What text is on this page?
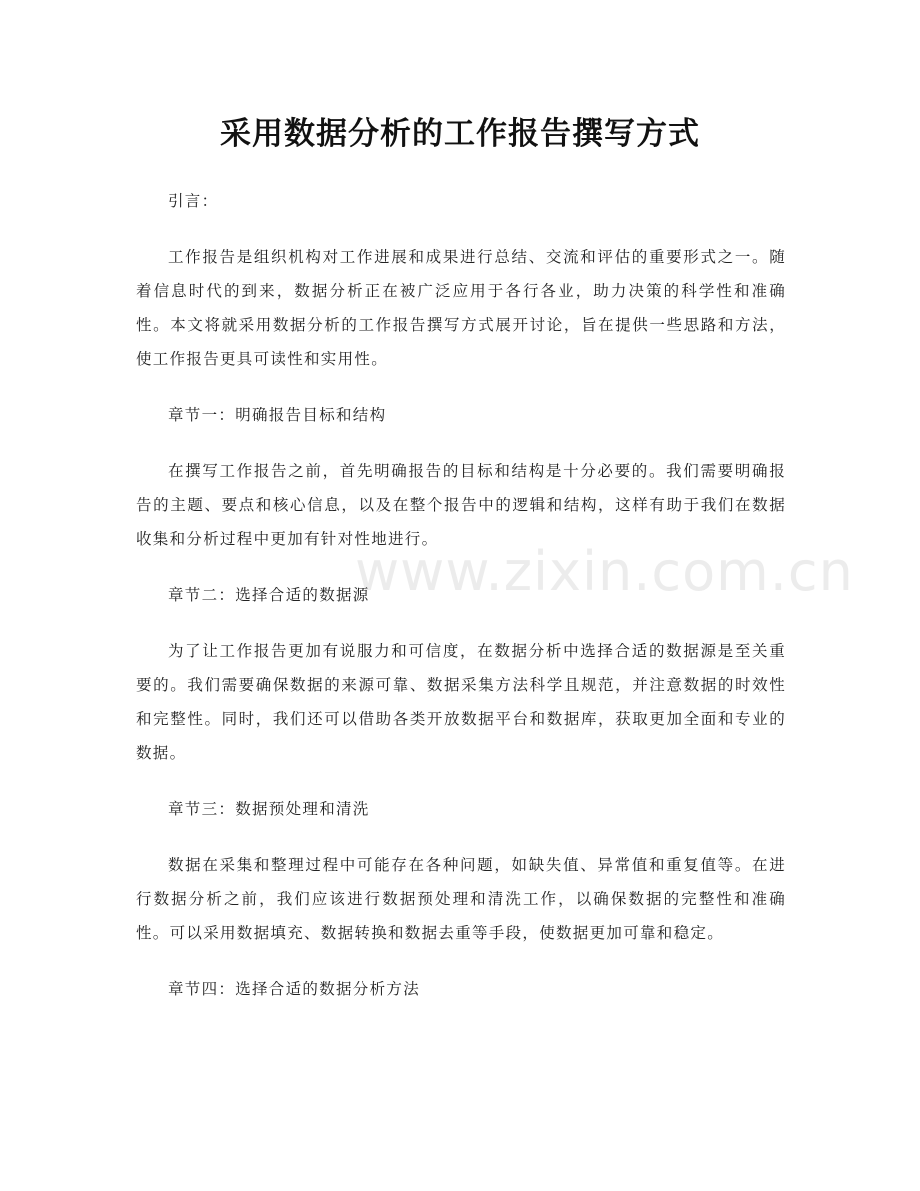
采用数据分析的工作报告撰写方式
www.zixin.com.cn

引言：

工作报告是组织机构对工作进展和成果进行总结、交流和评估的重要形式之一。随着信息时代的到来，数据分析正在被广泛应用于各行各业，助力决策的科学性和准确性。本文将就采用数据分析的工作报告撰写方式展开讨论，旨在提供一些思路和方法，使工作报告更具可读性和实用性。

章节一：明确报告目标和结构

在撰写工作报告之前，首先明确报告的目标和结构是十分必要的。我们需要明确报告的主题、要点和核心信息，以及在整个报告中的逻辑和结构，这样有助于我们在数据收集和分析过程中更加有针对性地进行。

章节二：选择合适的数据源

为了让工作报告更加有说服力和可信度，在数据分析中选择合适的数据源是至关重要的。我们需要确保数据的来源可靠、数据采集方法科学且规范，并注意数据的时效性和完整性。同时，我们还可以借助各类开放数据平台和数据库，获取更加全面和专业的数据。

章节三：数据预处理和清洗

数据在采集和整理过程中可能存在各种问题，如缺失值、异常值和重复值等。在进行数据分析之前，我们应该进行数据预处理和清洗工作，以确保数据的完整性和准确性。可以采用数据填充、数据转换和数据去重等手段，使数据更加可靠和稳定。

章节四：选择合适的数据分析方法
